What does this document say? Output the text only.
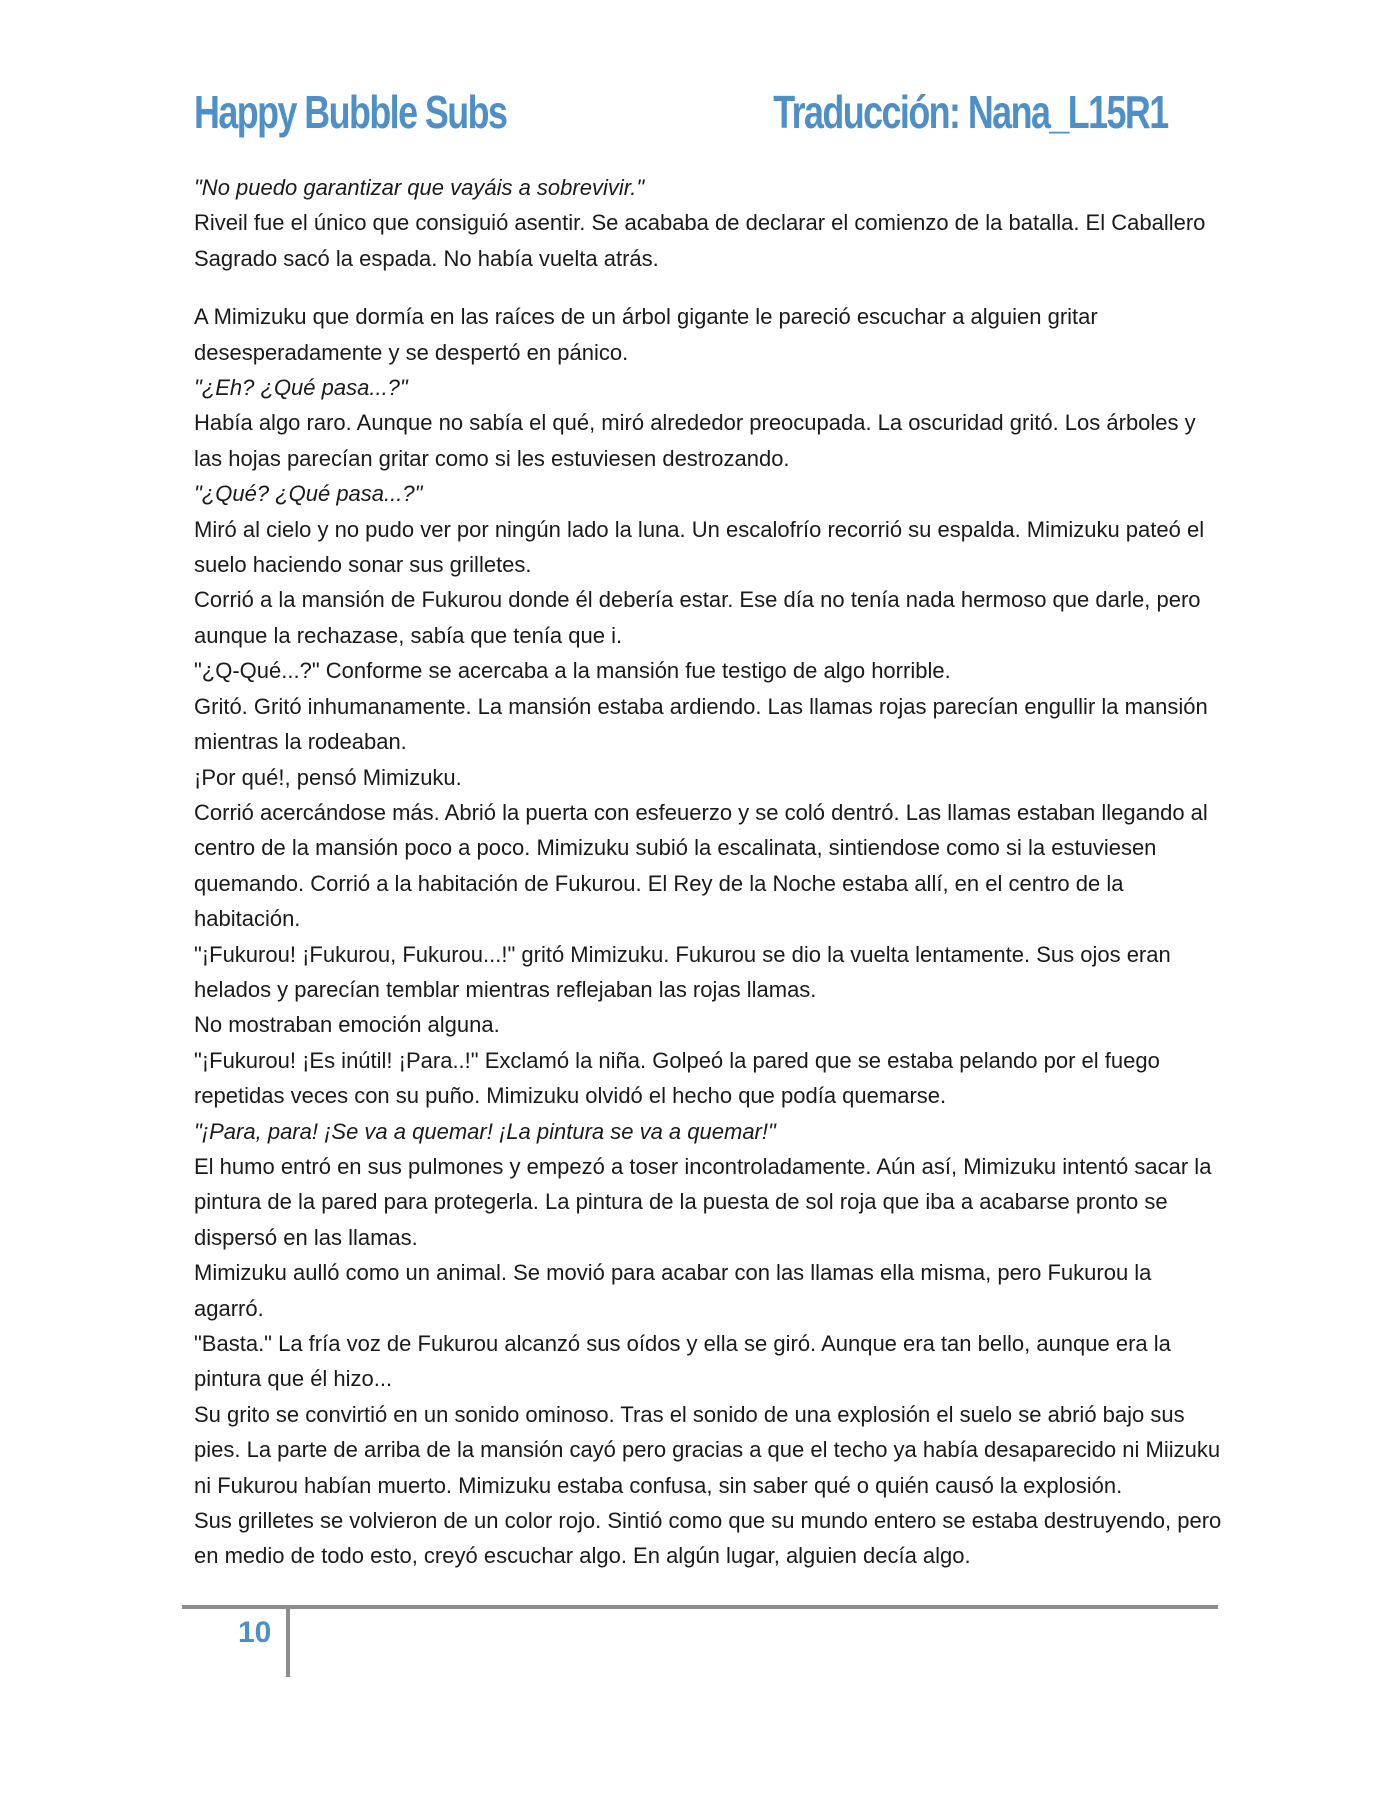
Happy Bubble Subs	Traducción: Nana_L15R1

"No puedo garantizar que vayáis a sobrevivir."

Riveil fue el único que consiguió asentir. Se acababa de declarar el comienzo de la batalla. El Caballero Sagrado sacó la espada. No había vuelta atrás.

A Mimizuku que dormía en las raíces de un árbol gigante le pareció escuchar a alguien gritar desesperadamente y se despertó en pánico.

"¿Eh? ¿Qué pasa...?"

Había algo raro. Aunque no sabía el qué, miró alrededor preocupada. La oscuridad gritó. Los árboles y las hojas parecían gritar como si les estuviesen destrozando.

"¿Qué? ¿Qué pasa...?"

Miró al cielo y no pudo ver por ningún lado la luna. Un escalofrío recorrió su espalda. Mimizuku pateó el suelo haciendo sonar sus grilletes.

Corrió a la mansión de Fukurou donde él debería estar. Ese día no tenía nada hermoso que darle, pero aunque la rechazase, sabía que tenía que i.

"¿Q-Qué...?" Conforme se acercaba a la mansión fue testigo de algo horrible.

Gritó. Gritó inhumanamente. La mansión estaba ardiendo. Las llamas rojas parecían engullir la mansión mientras la rodeaban.

¡Por qué!, pensó Mimizuku.

Corrió acercándose más. Abrió la puerta con esfeuerzo y se coló dentró. Las llamas estaban llegando al centro de la mansión poco a poco. Mimizuku subió la escalinata, sintiendose como si la estuviesen quemando. Corrió a la habitación de Fukurou. El Rey de la Noche estaba allí, en el centro de la habitación.

"¡Fukurou! ¡Fukurou, Fukurou...!" gritó Mimizuku. Fukurou se dio la vuelta lentamente. Sus ojos eran helados y parecían temblar mientras reflejaban las rojas llamas.

No mostraban emoción alguna.

"¡Fukurou! ¡Es inútil! ¡Para..!" Exclamó la niña. Golpeó la pared que se estaba pelando por el fuego repetidas veces con su puño. Mimizuku olvidó el hecho que podía quemarse.

"¡Para, para! ¡Se va a quemar! ¡La pintura se va a quemar!"

El humo entró en sus pulmones y empezó a toser incontroladamente. Aún así, Mimizuku intentó sacar la pintura de la pared para protegerla. La pintura de la puesta de sol roja que iba a acabarse pronto se dispersó en las llamas.

Mimizuku aulló como un animal. Se movió para acabar con las llamas ella misma, pero Fukurou la agarró.

"Basta." La fría voz de Fukurou alcanzó sus oídos y ella se giró. Aunque era tan bello, aunque era la pintura que él hizo...

Su grito se convirtió en un sonido ominoso. Tras el sonido de una explosión el suelo se abrió bajo sus pies. La parte de arriba de la mansión cayó pero gracias a que el techo ya había desaparecido ni Miizuku ni Fukurou habían muerto. Mimizuku estaba confusa, sin saber qué o quién causó la explosión.

Sus grilletes se volvieron de un color rojo. Sintió como que su mundo entero se estaba destruyendo, pero en medio de todo esto, creyó escuchar algo. En algún lugar, alguien decía algo.

10
